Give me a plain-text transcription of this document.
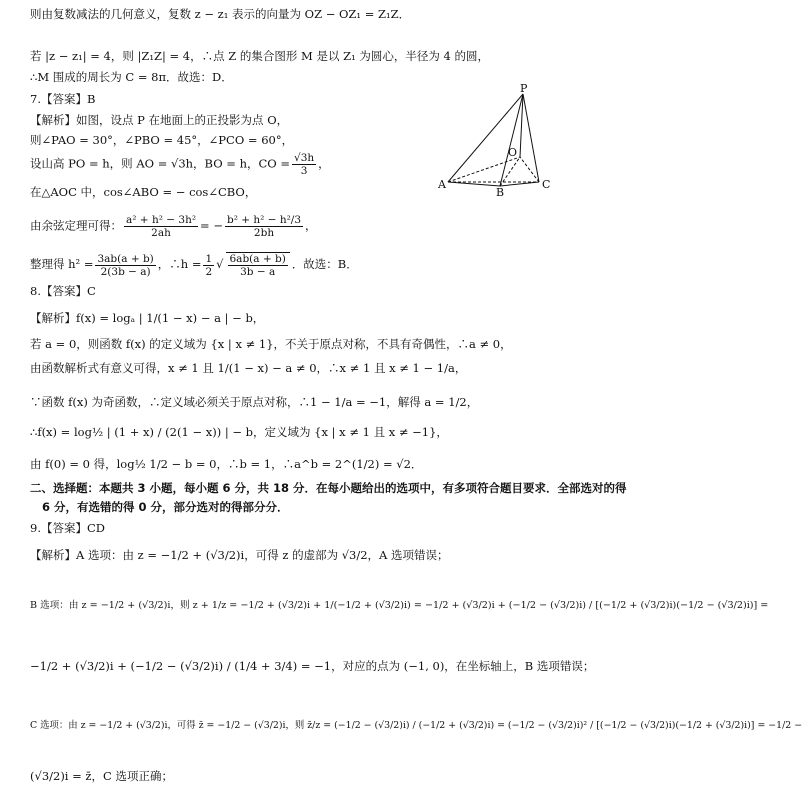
则由复数减法的几何意义，复数 z − z₁ 表示的向量为 OZ − OZ₁ = Z₁Z．
若 |z − z₁| = 4，则 |Z₁Z| = 4，∴点 Z 的集合图形 M 是以 Z₁ 为圆心，半径为 4 的圆，
∴M 围成的周长为 C = 8π．故选：D．
7.【答案】B
【解析】如图，设点 P 在地面上的正投影为点 O，
则∠PAO = 30°，∠PBO = 45°，∠PCO = 60°，
设山高 PO = h，则 AO = √3h，BO = h，CO = $\frac{√3h}{3}$ ，
在△AOC 中，cos∠ABO = − cos∠CBO，
由余弦定理可得： $\frac{\text{a² + h² − 3h²}}{2ah}$ = − $\frac{\text{b² + h² − h²/3}}{2bh}$ ，
整理得 $h^2 = \frac{3ab(a + b)}{2(3b - a)}$ ，∴h = $\frac{1}{2}$ √ $\frac{6ab(a + b)}{3b - a}$ ．故选：B．
P
O
A
B
C
8.【答案】C
【解析】f(x) = logₐ | 1/(1 − x) − a | − b，
若 a = 0，则函数 f(x) 的定义域为 {x | x ≠ 1}，不关于原点对称，不具有奇偶性，∴a ≠ 0，
由函数解析式有意义可得，x ≠ 1 且 1/(1 − x) − a ≠ 0，∴x ≠ 1 且 x ≠ 1 − 1/a，
∵函数 f(x) 为奇函数，∴定义域必须关于原点对称，∴1 − 1/a = −1，解得 a = 1/2，
∴f(x) = log½ | (1 + x) / (2(1 − x)) | − b，定义域为 {x | x ≠ 1 且 x ≠ −1}，
由 f(0) = 0 得，log½ 1/2 − b = 0，∴b = 1，∴a^b = 2^(1/2) = √2．
二、选择题：本题共 3 小题，每小题 6 分，共 18 分．在每小题给出的选项中，有多项符合题目要求．全部选对的得
6 分，有选错的得 0 分，部分选对的得部分分．
9.【答案】CD
【解析】A 选项：由 z = −1/2 + (√3/2)i，可得 z 的虚部为 √3/2，A 选项错误；
B 选项：由 z = −1/2 + (√3/2)i，则 z + 1/z = −1/2 + (√3/2)i + 1/(−1/2 + (√3/2)i) = −1/2 + (√3/2)i + (−1/2 − (√3/2)i) / [(−1/2 + (√3/2)i)(−1/2 − (√3/2)i)] =
−1/2 + (√3/2)i + (−1/2 − (√3/2)i) / (1/4 + 3/4) = −1，对应的点为 (−1, 0)，在坐标轴上，B 选项错误；
C 选项：由 z = −1/2 + (√3/2)i，可得 z̄ = −1/2 − (√3/2)i，则 z̄/z = (−1/2 − (√3/2)i) / (−1/2 + (√3/2)i) = (−1/2 − (√3/2)i)² / [(−1/2 − (√3/2)i)(−1/2 + (√3/2)i)] = −1/2 −
(√3/2)i = z̄，C 选项正确；
